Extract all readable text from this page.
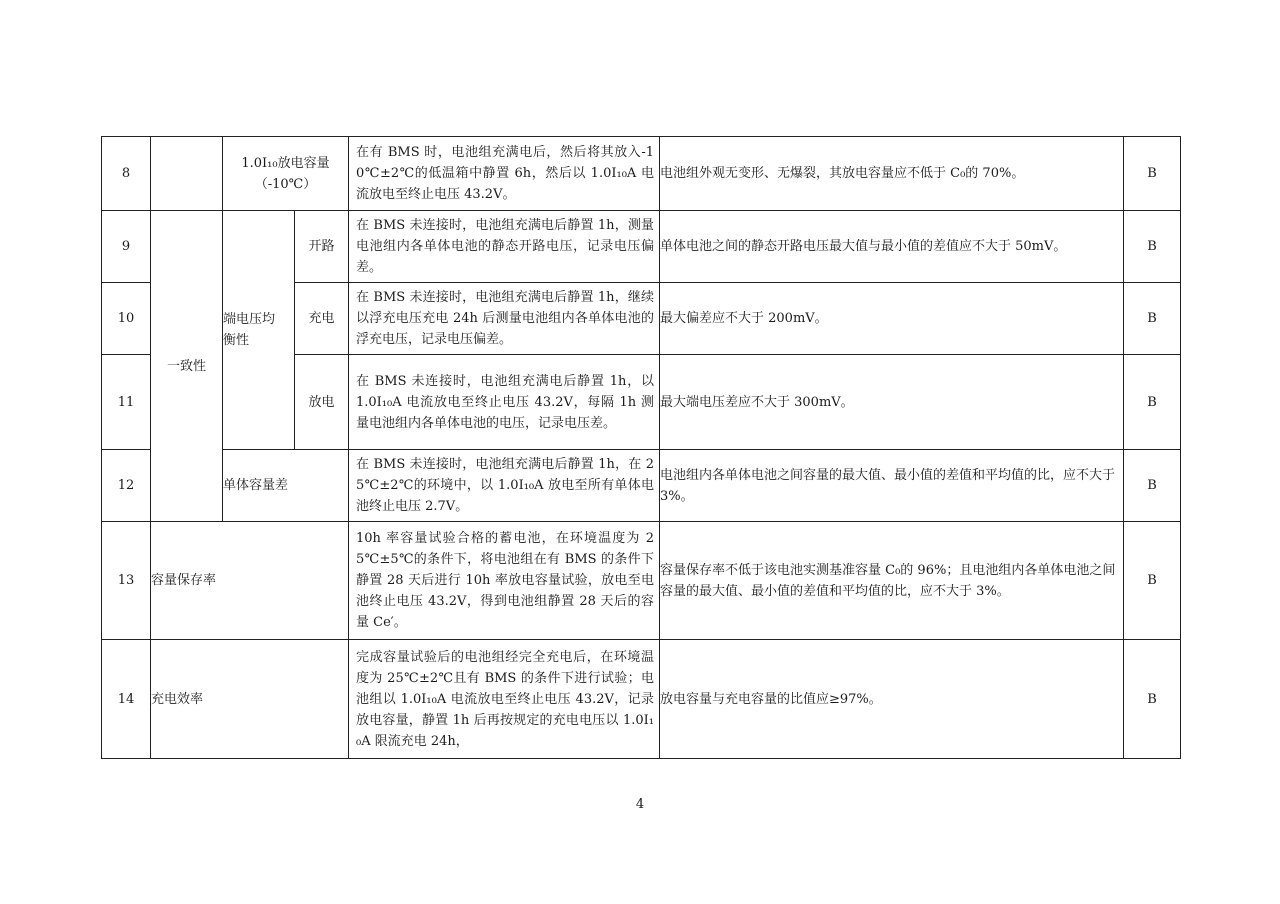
8		1.0I₁₀放电容量（-10℃）		在有 BMS 时，电池组充满电后，然后将其放入-10℃±2℃的低温箱中静置 6h，然后以 1.0I₁₀A 电流放电至终止电压 43.2V。	电池组外观无变形、无爆裂，其放电容量应不低于 C₀的 70%。	B
9	一致性	端电压均衡性	开路	在 BMS 未连接时，电池组充满电后静置 1h，测量电池组内各单体电池的静态开路电压，记录电压偏差。	单体电池之间的静态开路电压最大值与最小值的差值应不大于 50mV。	B
10			充电	在 BMS 未连接时，电池组充满电后静置 1h，继续以浮充电压充电 24h 后测量电池组内各单体电池的浮充电压，记录电压偏差。	最大偏差应不大于 200mV。	B
11			放电	在 BMS 未连接时，电池组充满电后静置 1h，以 1.0I₁₀A 电流放电至终止电压 43.2V，每隔 1h 测量电池组内各单体电池的电压，记录电压差。	最大端电压差应不大于 300mV。	B
12		单体容量差		在 BMS 未连接时，电池组充满电后静置 1h，在 25℃±2℃的环境中，以 1.0I₁₀A 放电至所有单体电池终止电压 2.7V。	电池组内各单体电池之间容量的最大值、最小值的差值和平均值的比，应不大于 3%。	B
13	容量保存率			10h 率容量试验合格的蓄电池，在环境温度为 25℃±5℃的条件下，将电池组在有 BMS 的条件下静置 28 天后进行 10h 率放电容量试验，放电至电池终止电压 43.2V，得到电池组静置 28 天后的容量 Ce′。	容量保存率不低于该电池实测基准容量 C₀的 96%；且电池组内各单体电池之间容量的最大值、最小值的差值和平均值的比，应不大于 3%。	B
14	充电效率			完成容量试验后的电池组经完全充电后，在环境温度为 25℃±2℃且有 BMS 的条件下进行试验；电池组以 1.0I₁₀A 电流放电至终止电压 43.2V，记录放电容量，静置 1h 后再按规定的充电电压以 1.0I₁₀A 限流充电 24h，	放电容量与充电容量的比值应≥97%。	B
4
